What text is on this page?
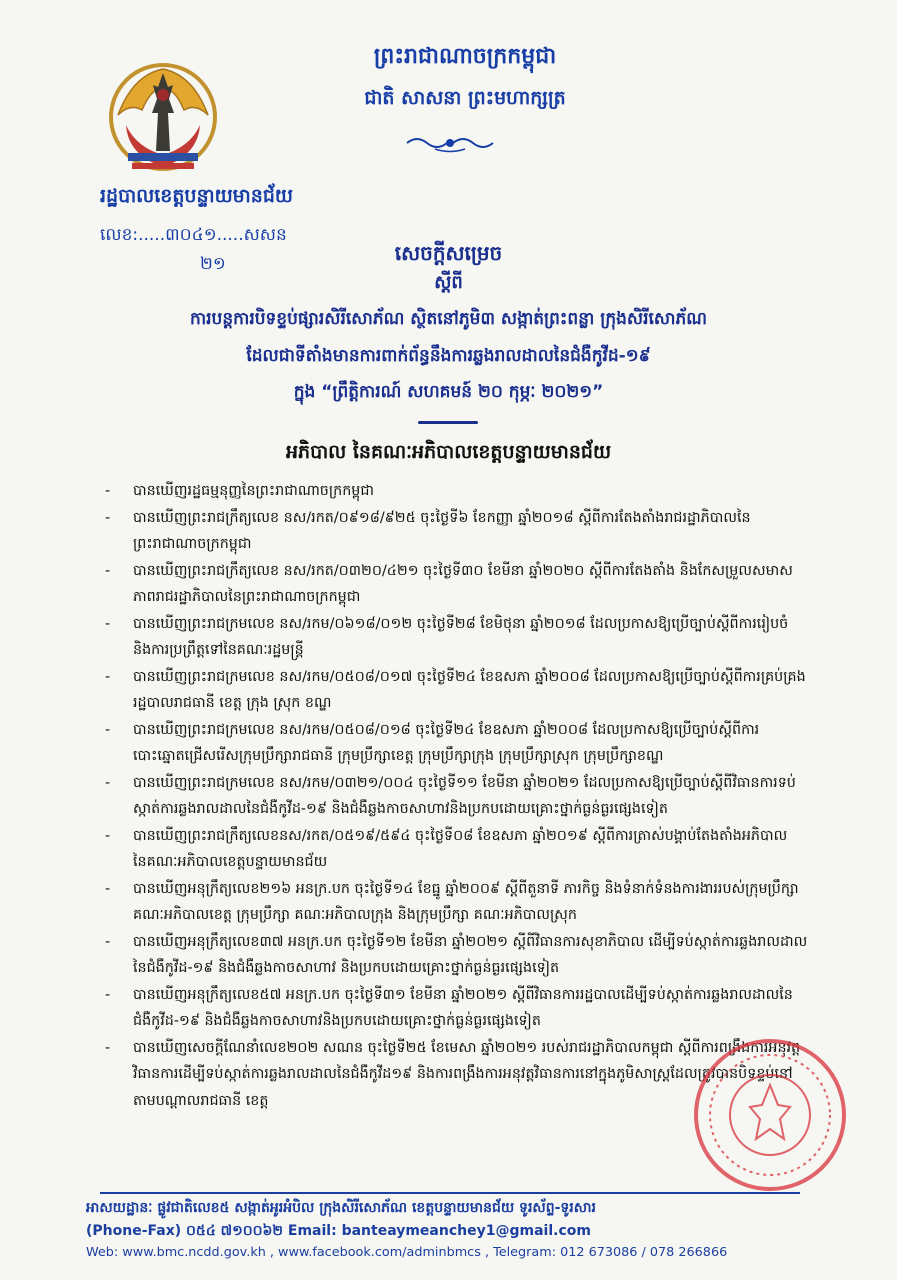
ព្រះរាជាណាចក្រកម្ពុជា
ជាតិ សាសនា ព្រះមហាក្សត្រ
រដ្ឋបាលខេត្តបន្ទាយមានជ័យ
លេខ:.....៣០៤១.....សសន
២១	សេចក្តីសម្រេច
ស្តីពី
ការបន្តការបិទខ្ទប់ផ្សារសិរីសោភ័ណ ស្ថិតនៅភូមិ៣ សង្កាត់ព្រះពន្លា ក្រុងសិរីសោភ័ណ
ដែលជាទីតាំងមានការពាក់ព័ន្ធនឹងការឆ្លងរាលដាលនៃជំងឺកូវីដ-១៩
ក្នុង “ព្រឹត្តិការណ៍ សហគមន៍ ២០ កុម្ភៈ ២០២១”
អភិបាល នៃគណៈអភិបាលខេត្តបន្ទាយមានជ័យ
- បានឃើញរដ្ឋធម្មនុញ្ញនៃព្រះរាជាណាចក្រកម្ពុជា
- បានឃើញព្រះរាជក្រឹត្យលេខ នស/រកត/០៩១៨/៩២៥ ចុះថ្ងៃទី៦ ខែកញ្ញា ឆ្នាំ២០១៨ ស្តីពីការតែងតាំងរាជរដ្ឋាភិបាលនៃព្រះរាជាណាចក្រកម្ពុជា
- បានឃើញព្រះរាជក្រឹត្យលេខ នស/រកត/០៣២០/៤២១ ចុះថ្ងៃទី៣០ ខែមីនា ឆ្នាំ២០២០ ស្តីពីការតែងតាំង និងកែសម្រួលសមាសភាពរាជរដ្ឋាភិបាលនៃព្រះរាជាណាចក្រកម្ពុជា
- បានឃើញព្រះរាជក្រមលេខ នស/រកម/០៦១៨/០១២ ចុះថ្ងៃទី២៨ ខែមិថុនា ឆ្នាំ២០១៨ ដែលប្រកាសឱ្យប្រើច្បាប់ស្តីពីការរៀបចំ និងការប្រព្រឹត្តទៅនៃគណៈរដ្ឋមន្ត្រី
- បានឃើញព្រះរាជក្រមលេខ នស/រកម/០៥០៨/០១៧ ចុះថ្ងៃទី២៤ ខែឧសភា ឆ្នាំ២០០៨ ដែលប្រកាសឱ្យប្រើច្បាប់ស្តីពីការគ្រប់គ្រងរដ្ឋបាលរាជធានី ខេត្ត ក្រុង ស្រុក ខណ្ឌ
- បានឃើញព្រះរាជក្រមលេខ នស/រកម/០៥០៨/០១៨ ចុះថ្ងៃទី២៤ ខែឧសភា ឆ្នាំ២០០៨ ដែលប្រកាសឱ្យប្រើច្បាប់ស្តីពីការបោះឆ្នោតជ្រើសរើសក្រុមប្រឹក្សារាជធានី ក្រុមប្រឹក្សាខេត្ត ក្រុមប្រឹក្សាក្រុង ក្រុមប្រឹក្សាស្រុក ក្រុមប្រឹក្សាខណ្ឌ
- បានឃើញព្រះរាជក្រមលេខ នស/រកម/០៣២១/០០៤ ចុះថ្ងៃទី១១ ខែមីនា ឆ្នាំ២០២១ ដែលប្រកាសឱ្យប្រើច្បាប់ស្តីពីវិធានការទប់ស្កាត់ការឆ្លងរាលដាលនៃជំងឺកូវីដ-១៩ និងជំងឺឆ្លងកាចសាហាវនិងប្រកបដោយគ្រោះថ្នាក់ធ្ងន់ធ្ងរផ្សេងទៀត
- បានឃើញព្រះរាជក្រឹត្យលេខនស/រកត/០៥១៩/៥៩៤ ចុះថ្ងៃទី០៨ ខែឧសភា ឆ្នាំ២០១៩ ស្តីពីការត្រាស់បង្គាប់តែងតាំងអភិបាល នៃគណៈអភិបាលខេត្តបន្ទាយមានជ័យ
- បានឃើញអនុក្រឹត្យលេខ២១៦ អនក្រ.បក ចុះថ្ងៃទី១៤ ខែធ្នូ ឆ្នាំ២០០៩ ស្តីពីតួនាទី ភារកិច្ច និងទំនាក់ទំនងការងាររបស់ក្រុមប្រឹក្សា គណៈអភិបាលខេត្ត ក្រុមប្រឹក្សា គណៈអភិបាលក្រុង និងក្រុមប្រឹក្សា គណៈអភិបាលស្រុក
- បានឃើញអនុក្រឹត្យលេខ៣៧ អនក្រ.បក ចុះថ្ងៃទី១២ ខែមីនា ឆ្នាំ២០២១ ស្តីពីវិធានការសុខាភិបាល ដើម្បីទប់ស្កាត់ការឆ្លងរាលដាលនៃជំងឺកូវីដ-១៩ និងជំងឺឆ្លងកាចសាហាវ និងប្រកបដោយគ្រោះថ្នាក់ធ្ងន់ធ្ងរផ្សេងទៀត
- បានឃើញអនុក្រឹត្យលេខ៥៧ អនក្រ.បក ចុះថ្ងៃទី៣១ ខែមីនា ឆ្នាំ២០២១ ស្តីពីវិធានការរដ្ឋបាលដើម្បីទប់ស្កាត់ការឆ្លងរាលដាលនៃជំងឺកូវីដ-១៩ និងជំងឺឆ្លងកាចសាហាវនិងប្រកបដោយគ្រោះថ្នាក់ធ្ងន់ធ្ងរផ្សេងទៀត
- បានឃើញសេចក្តីណែនាំលេខ២០២ សណន ចុះថ្ងៃទី២៥ ខែមេសា ឆ្នាំ២០២១ របស់រាជរដ្ឋាភិបាលកម្ពុជា ស្តីពីការពង្រឹងការអនុវត្តវិធានការដើម្បីទប់ស្កាត់ការឆ្លងរាលដាលនៃជំងឺកូវីដ១៩ និងការពង្រឹងការអនុវត្តវិធានការនៅក្នុងភូមិសាស្ត្រដែលត្រូវបានបិទខ្ទប់នៅតាមបណ្តាលរាជធានី ខេត្ត
អាសយដ្ឋានៈ ផ្លូវជាតិលេខ៥ សង្កាត់អូរអំបិល ក្រុងសិរីសោភ័ណ ខេត្តបន្ទាយមានជ័យ ទូរស័ព្ទ-ទូរសារ
(Phone-Fax) ០៥៤ ៧១០០៦២ Email: banteaymeanchey1@gmail.com
Web: www.bmc.ncdd.gov.kh , www.facebook.com/adminbmcs , Telegram: 012 673086 / 078 266866
